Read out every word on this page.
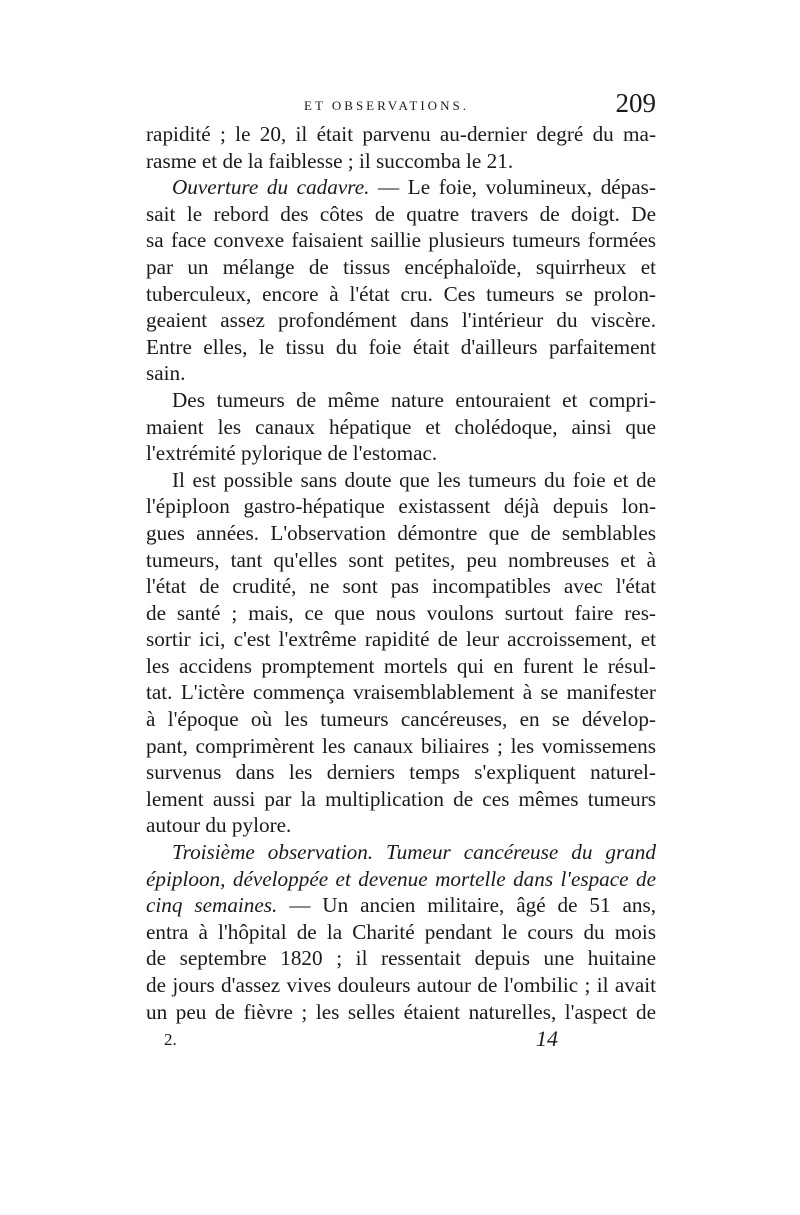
ET OBSERVATIONS.	209
rapidité ; le 20, il était parvenu au-dernier degré du ma-
rasme et de la faiblesse ; il succomba le 21.
Ouverture du cadavre. — Le foie, volumineux, dépas-
sait le rebord des côtes de quatre travers de doigt. De
sa face convexe faisaient saillie plusieurs tumeurs formées
par un mélange de tissus encéphaloïde, squirrheux et
tuberculeux, encore à l'état cru. Ces tumeurs se prolon-
geaient assez profondément dans l'intérieur du viscère.
Entre elles, le tissu du foie était d'ailleurs parfaitement
sain.
Des tumeurs de même nature entouraient et compri-
maient les canaux hépatique et cholédoque, ainsi que
l'extrémité pylorique de l'estomac.
Il est possible sans doute que les tumeurs du foie et de
l'épiploon gastro-hépatique existassent déjà depuis lon-
gues années. L'observation démontre que de semblables
tumeurs, tant qu'elles sont petites, peu nombreuses et à
l'état de crudité, ne sont pas incompatibles avec l'état
de santé ; mais, ce que nous voulons surtout faire res-
sortir ici, c'est l'extrême rapidité de leur accroissement, et
les accidens promptement mortels qui en furent le résul-
tat. L'ictère commença vraisemblablement à se manifester
à l'époque où les tumeurs cancéreuses, en se dévelop-
pant, comprimèrent les canaux biliaires ; les vomissemens
survenus dans les derniers temps s'expliquent naturel-
lement aussi par la multiplication de ces mêmes tumeurs
autour du pylore.
Troisième observation. Tumeur cancéreuse du grand
épiploon, développée et devenue mortelle dans l'espace de
cinq semaines. — Un ancien militaire, âgé de 51 ans,
entra à l'hôpital de la Charité pendant le cours du mois
de septembre 1820 ; il ressentait depuis une huitaine
de jours d'assez vives douleurs autour de l'ombilic ; il avait
un peu de fièvre ; les selles étaient naturelles, l'aspect de
2.	14
